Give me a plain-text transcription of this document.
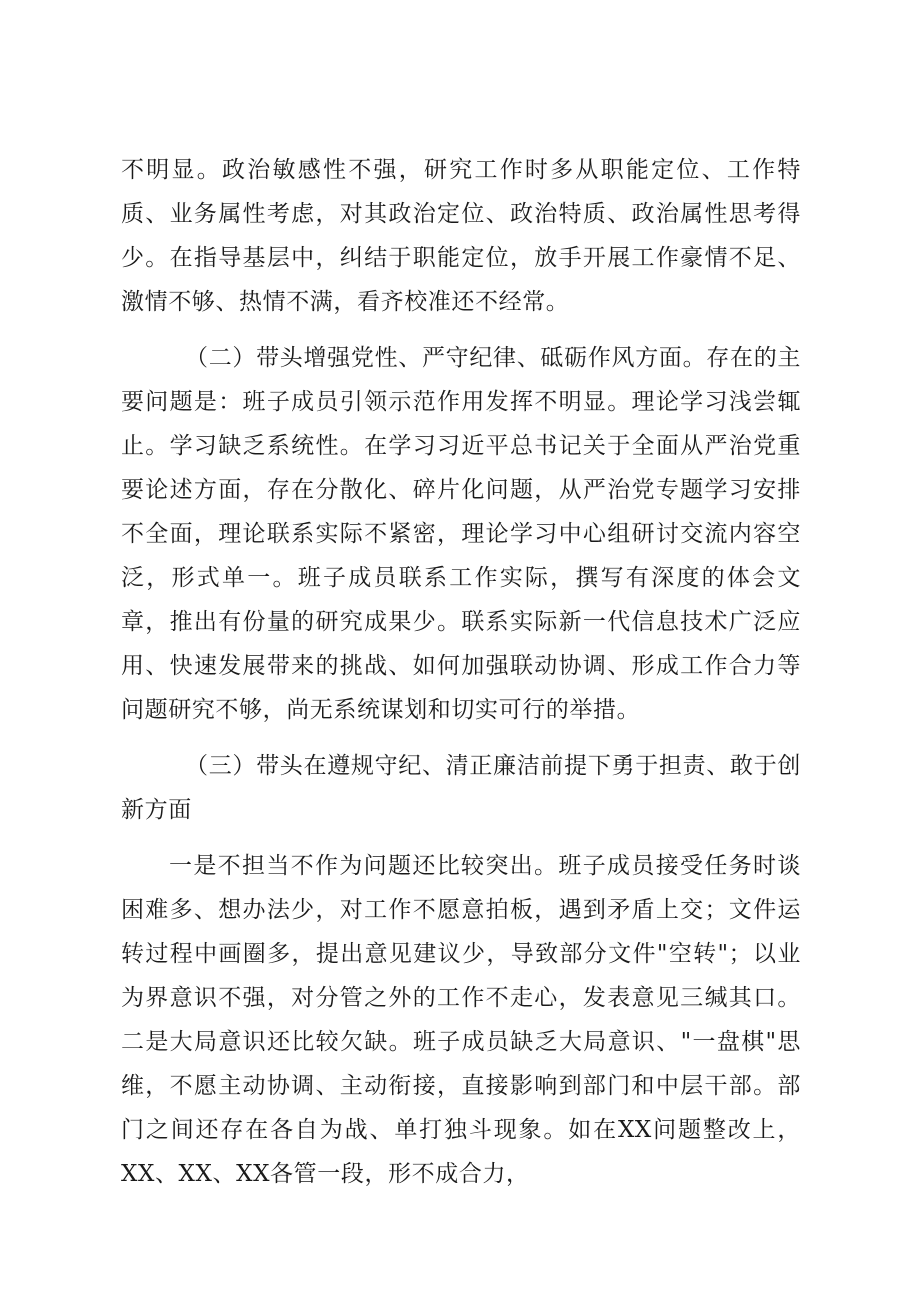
不明显。政治敏感性不强，研究工作时多从职能定位、工作特质、业务属性考虑，对其政治定位、政治特质、政治属性思考得少。在指导基层中，纠结于职能定位，放手开展工作豪情不足、激情不够、热情不满，看齐校准还不经常。

（二）带头增强党性、严守纪律、砥砺作风方面。存在的主要问题是：班子成员引领示范作用发挥不明显。理论学习浅尝辄止。学习缺乏系统性。在学习习近平总书记关于全面从严治党重要论述方面，存在分散化、碎片化问题，从严治党专题学习安排不全面，理论联系实际不紧密，理论学习中心组研讨交流内容空泛，形式单一。班子成员联系工作实际，撰写有深度的体会文章，推出有份量的研究成果少。联系实际新一代信息技术广泛应用、快速发展带来的挑战、如何加强联动协调、形成工作合力等问题研究不够，尚无系统谋划和切实可行的举措。

（三）带头在遵规守纪、清正廉洁前提下勇于担责、敢于创新方面

一是不担当不作为问题还比较突出。班子成员接受任务时谈困难多、想办法少，对工作不愿意拍板，遇到矛盾上交；文件运转过程中画圈多，提出意见建议少，导致部分文件"空转"；以业为界意识不强，对分管之外的工作不走心，发表意见三缄其口。二是大局意识还比较欠缺。班子成员缺乏大局意识、"一盘棋"思维，不愿主动协调、主动衔接，直接影响到部门和中层干部。部门之间还存在各自为战、单打独斗现象。如在XX问题整改上，XX、XX、XX各管一段，形不成合力，
